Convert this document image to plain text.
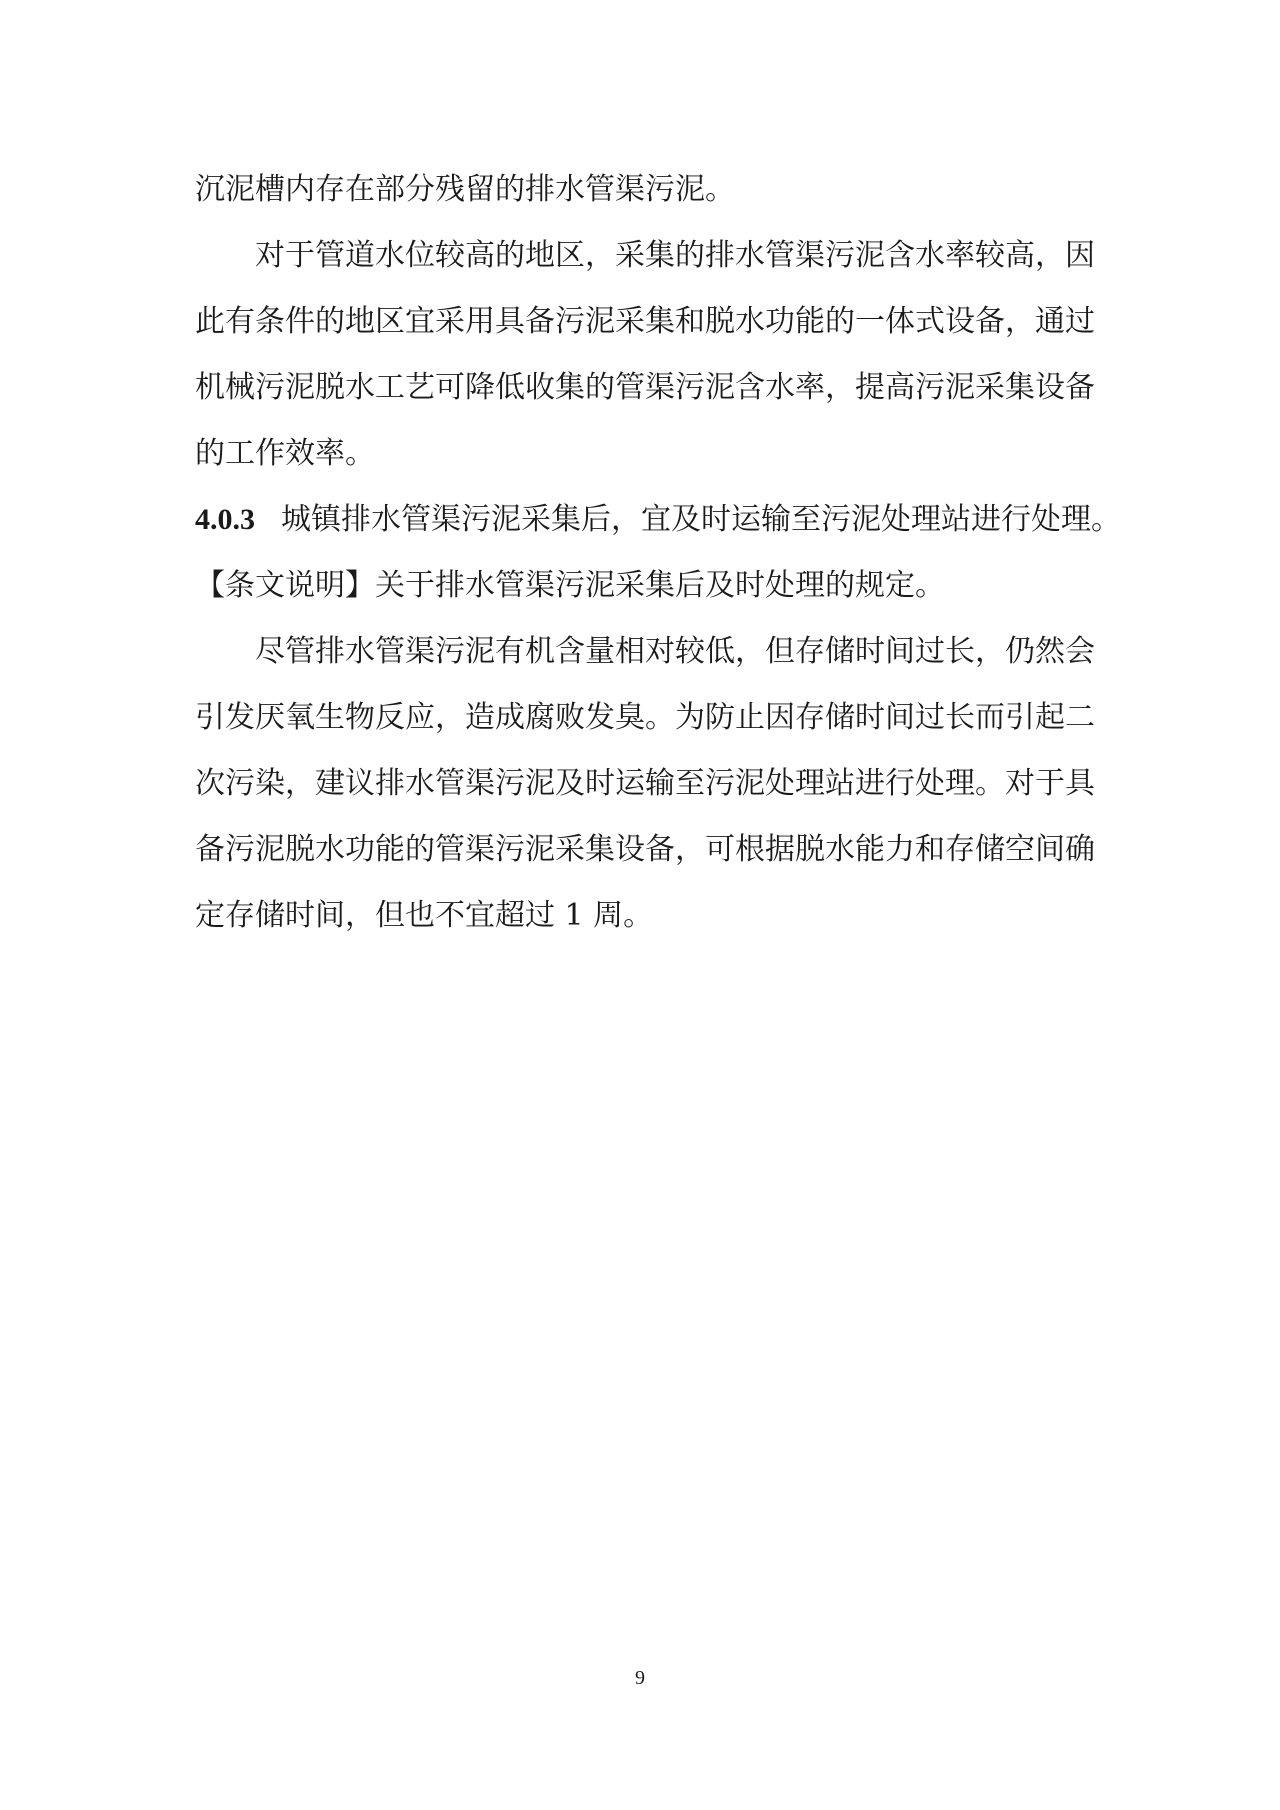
沉泥槽内存在部分残留的排水管渠污泥。
对于管道水位较高的地区，采集的排水管渠污泥含水率较高，因
此有条件的地区宜采用具备污泥采集和脱水功能的一体式设备，通过
机械污泥脱水工艺可降低收集的管渠污泥含水率，提高污泥采集设备
的工作效率。
4.0.3 城镇排水管渠污泥采集后，宜及时运输至污泥处理站进行处理。
【条文说明】关于排水管渠污泥采集后及时处理的规定。
尽管排水管渠污泥有机含量相对较低，但存储时间过长，仍然会
引发厌氧生物反应，造成腐败发臭。为防止因存储时间过长而引起二
次污染，建议排水管渠污泥及时运输至污泥处理站进行处理。对于具
备污泥脱水功能的管渠污泥采集设备，可根据脱水能力和存储空间确
定存储时间，但也不宜超过 1 周。
9
